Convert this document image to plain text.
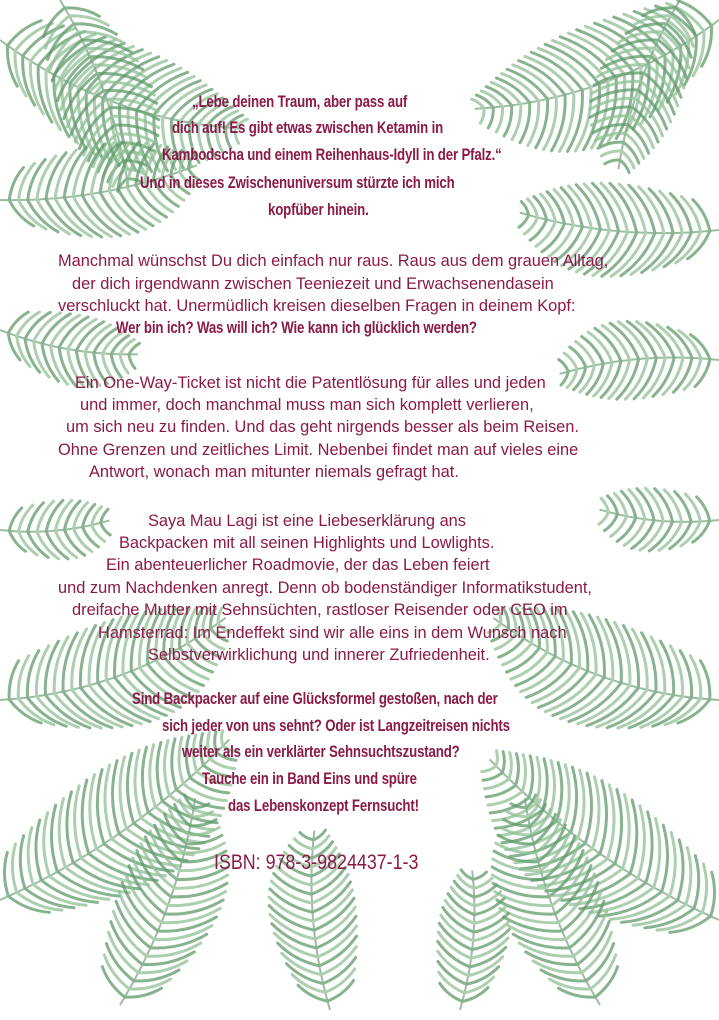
„Lebe deinen Traum, aber pass auf
dich auf! Es gibt etwas zwischen Ketamin in
Kambodscha und einem Reihenhaus-Idyll in der Pfalz.“
Und in dieses Zwischenuniversum stürzte ich mich
kopfüber hinein.
Manchmal wünschst Du dich einfach nur raus. Raus aus dem grauen Alltag,
der dich irgendwann zwischen Teeniezeit und Erwachsenendasein
verschluckt hat. Unermüdlich kreisen dieselben Fragen in deinem Kopf:
Wer bin ich? Was will ich? Wie kann ich glücklich werden?
Ein One-Way-Ticket ist nicht die Patentlösung für alles und jeden
und immer, doch manchmal muss man sich komplett verlieren,
um sich neu zu finden. Und das geht nirgends besser als beim Reisen.
Ohne Grenzen und zeitliches Limit. Nebenbei findet man auf vieles eine
Antwort, wonach man mitunter niemals gefragt hat.
Saya Mau Lagi ist eine Liebeserklärung ans
Backpacken mit all seinen Highlights und Lowlights.
Ein abenteuerlicher Roadmovie, der das Leben feiert
und zum Nachdenken anregt. Denn ob bodenständiger Informatikstudent,
dreifache Mutter mit Sehnsüchten, rastloser Reisender oder CEO im
Hamsterrad: Im Endeffekt sind wir alle eins in dem Wunsch nach
Selbstverwirklichung und innerer Zufriedenheit.
Sind Backpacker auf eine Glücksformel gestoßen, nach der
sich jeder von uns sehnt? Oder ist Langzeitreisen nichts
weiter als ein verklärter Sehnsuchtszustand?
Tauche ein in Band Eins und spüre
das Lebenskonzept Fernsucht!
ISBN: 978-3-9824437-1-3
